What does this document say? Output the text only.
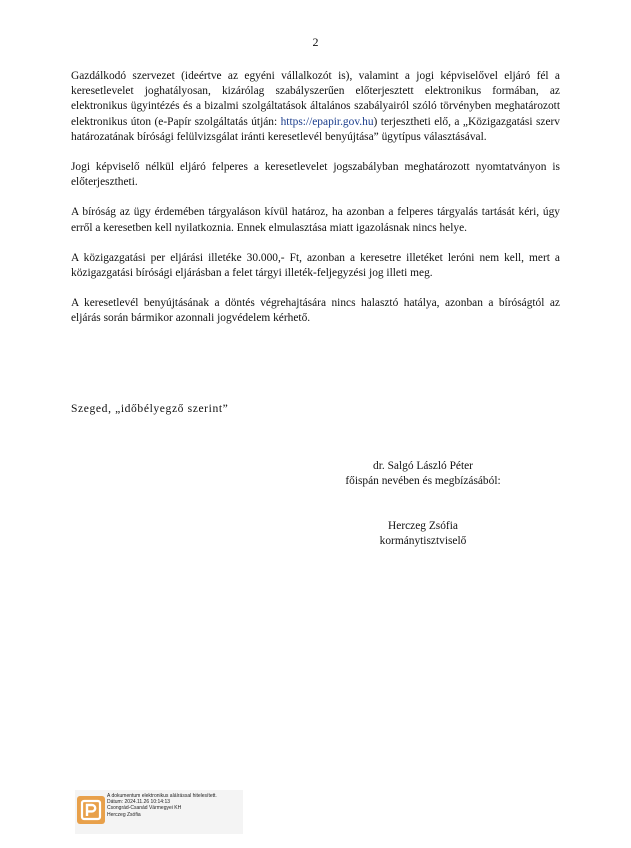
2

Gazdálkodó szervezet (ideértve az egyéni vállalkozót is), valamint a jogi képviselővel eljáró fél a keresetlevelet joghatályosan, kizárólag szabályszerűen előterjesztett elektronikus formában, az elektronikus ügyintézés és a bizalmi szolgáltatások általános szabályairól szóló törvényben meghatározott elektronikus úton (e-Papír szolgáltatás útján: https://epapir.gov.hu) terjesztheti elő, a „Közigazgatási szerv határozatának bírósági felülvizsgálat iránti keresetlevél benyújtása” ügytípus választásával.

Jogi képviselő nélkül eljáró felperes a keresetlevelet jogszabályban meghatározott nyomtatványon is előterjesztheti.

A bíróság az ügy érdemében tárgyaláson kívül határoz, ha azonban a felperes tárgyalás tartását kéri, úgy erről a keresetben kell nyilatkoznia. Ennek elmulasztása miatt igazolásnak nincs helye.

A közigazgatási per eljárási illetéke 30.000,- Ft, azonban a keresetre illetéket leróni nem kell, mert a közigazgatási bírósági eljárásban a felet tárgyi illeték-feljegyzési jog illeti meg.

A keresetlevél benyújtásának a döntés végrehajtására nincs halasztó hatálya, azonban a bíróságtól az eljárás során bármikor azonnali jogvédelem kérhető.

Szeged, „időbélyegző szerint”
dr. Salgó László Péter
főispán nevében és megbízásából:
Herczeg Zsófia
kormánytisztviselő
A dokumentum elektronikus aláírással hitelesített.
Dátum: 2024.11.26 10:14:13
Csongrád-Csanád Vármegyei KH
Herczeg Zsófia
